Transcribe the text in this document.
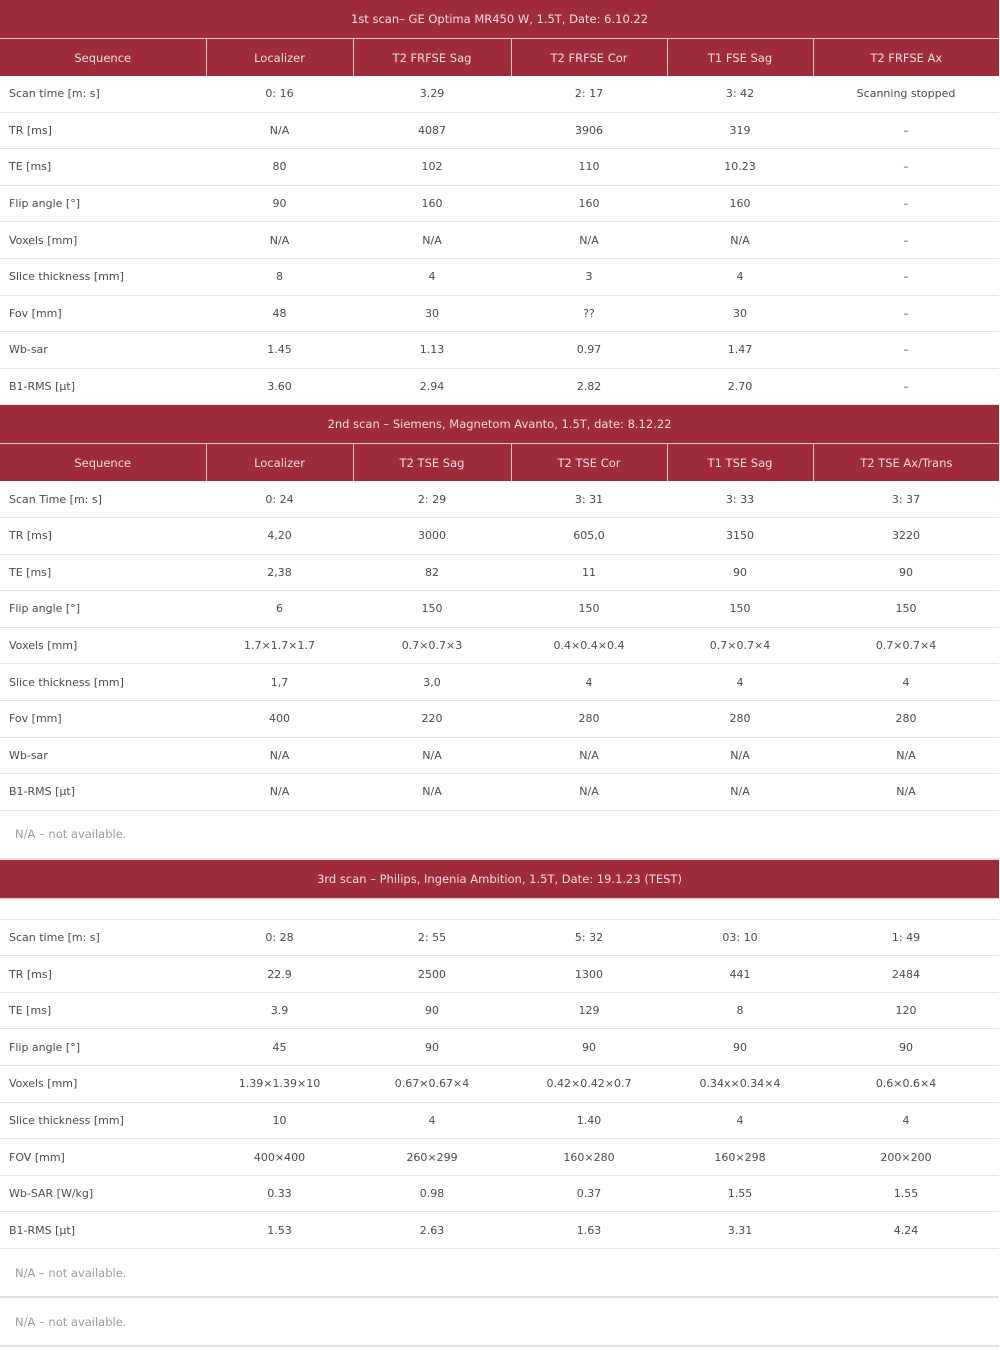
1st scan– GE Optima MR450 W, 1.5T, Date: 6.10.22					
Sequence	Localizer	T2 FRFSE Sag	T2 FRFSE Cor	T1 FSE Sag	T2 FRFSE Ax
Scan time [m: s]	0: 16	3.29	2: 17	3: 42	Scanning stopped
TR [ms]	N/A	4087	3906	319	–
TE [ms]	80	102	110	10.23	–
Flip angle [°]	90	160	160	160	–
Voxels [mm]	N/A	N/A	N/A	N/A	–
Slice thickness [mm]	8	4	3	4	–
Fov [mm]	48	30	??	30	–
Wb-sar	1.45	1.13	0.97	1.47	–
B1-RMS [μt]	3.60	2.94	2.82	2.70	–
2nd scan – Siemens, Magnetom Avanto, 1.5T, date: 8.12.22					
Sequence	Localizer	T2 TSE Sag	T2 TSE Cor	T1 TSE Sag	T2 TSE Ax/Trans
Scan Time [m: s]	0: 24	2: 29	3: 31	3: 33	3: 37
TR [ms]	4,20	3000	605,0	3150	3220
TE [ms]	2,38	82	11	90	90
Flip angle [°]	6	150	150	150	150
Voxels [mm]	1.7×1.7×1.7	0.7×0.7×3	0.4×0.4×0.4	0.7×0.7×4	0.7×0.7×4
Slice thickness [mm]	1,7	3,0	4	4	4
Fov [mm]	400	220	280	280	280
Wb-sar	N/A	N/A	N/A	N/A	N/A
B1-RMS [μt]	N/A	N/A	N/A	N/A	N/A
N/A – not available.					
3rd scan – Philips, Ingenia Ambition, 1.5T, Date: 19.1.23 (TEST)					

Scan time [m: s]	0: 28	2: 55	5: 32	03: 10	1: 49
TR [ms]	22.9	2500	1300	441	2484
TE [ms]	3.9	90	129	8	120
Flip angle [°]	45	90	90	90	90
Voxels [mm]	1.39×1.39×10	0.67×0.67×4	0.42×0.42×0.7	0.34x×0.34×4	0.6×0.6×4
Slice thickness [mm]	10	4	1.40	4	4
FOV [mm]	400×400	260×299	160×280	160×298	200×200
Wb-SAR [W/kg]	0.33	0.98	0.37	1.55	1.55
B1-RMS [μt]	1.53	2.63	1.63	3.31	4.24
N/A – not available.					
N/A – not available.					
